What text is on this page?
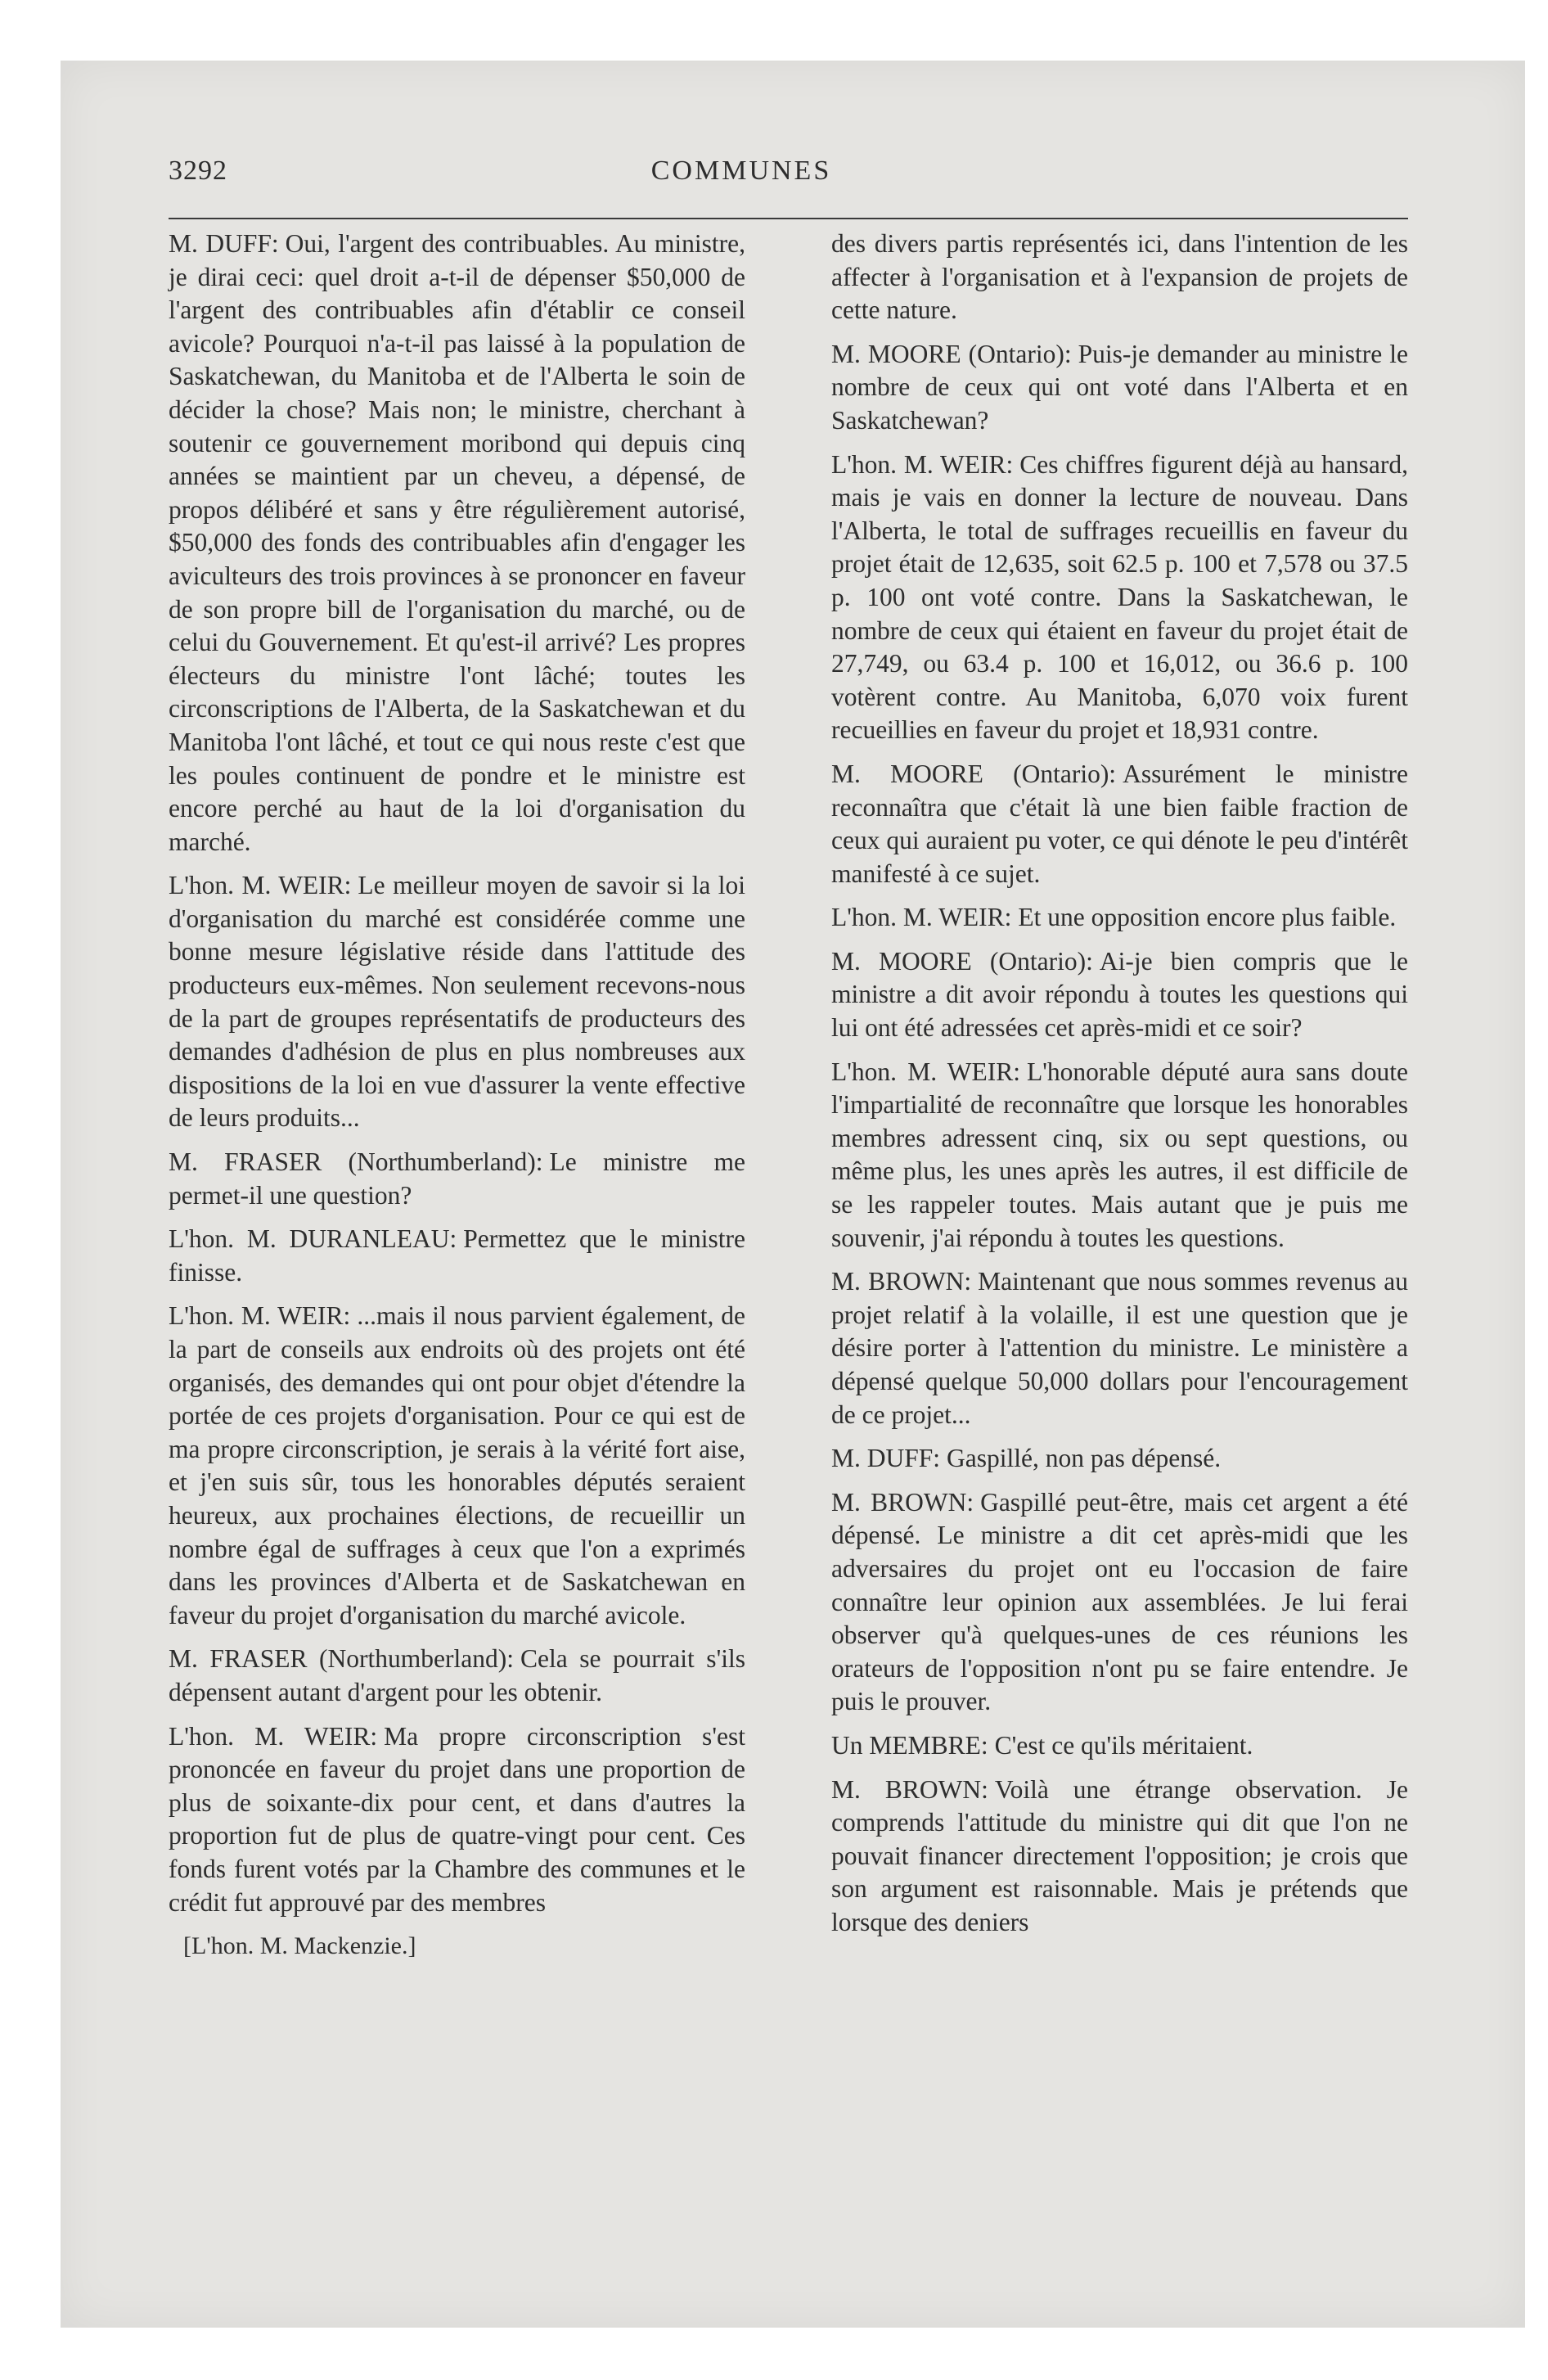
3292	COMMUNES

M. DUFF: Oui, l'argent des contribuables. Au ministre, je dirai ceci: quel droit a-t-il de dépenser $50,000 de l'argent des contribuables afin d'établir ce conseil avicole? Pourquoi n'a-t-il pas laissé à la population de Saskatchewan, du Manitoba et de l'Alberta le soin de décider la chose? Mais non; le ministre, cherchant à soutenir ce gouvernement moribond qui depuis cinq années se maintient par un cheveu, a dépensé, de propos délibéré et sans y être régulièrement autorisé, $50,000 des fonds des contribuables afin d'engager les aviculteurs des trois provinces à se prononcer en faveur de son propre bill de l'organisation du marché, ou de celui du Gouvernement. Et qu'est-il arrivé? Les propres électeurs du ministre l'ont lâché; toutes les circonscriptions de l'Alberta, de la Saskatchewan et du Manitoba l'ont lâché, et tout ce qui nous reste c'est que les poules continuent de pondre et le ministre est encore perché au haut de la loi d'organisation du marché.

L'hon. M. WEIR: Le meilleur moyen de savoir si la loi d'organisation du marché est considérée comme une bonne mesure législative réside dans l'attitude des producteurs eux-mêmes. Non seulement recevons-nous de la part de groupes représentatifs de producteurs des demandes d'adhésion de plus en plus nombreuses aux dispositions de la loi en vue d'assurer la vente effective de leurs produits...

M. FRASER (Northumberland): Le ministre me permet-il une question?

L'hon. M. DURANLEAU: Permettez que le ministre finisse.

L'hon. M. WEIR: ...mais il nous parvient également, de la part de conseils aux endroits où des projets ont été organisés, des demandes qui ont pour objet d'étendre la portée de ces projets d'organisation. Pour ce qui est de ma propre circonscription, je serais à la vérité fort aise, et j'en suis sûr, tous les honorables députés seraient heureux, aux prochaines élections, de recueillir un nombre égal de suffrages à ceux que l'on a exprimés dans les provinces d'Alberta et de Saskatchewan en faveur du projet d'organisation du marché avicole.

M. FRASER (Northumberland): Cela se pourrait s'ils dépensent autant d'argent pour les obtenir.

L'hon. M. WEIR: Ma propre circonscription s'est prononcée en faveur du projet dans une proportion de plus de soixante-dix pour cent, et dans d'autres la proportion fut de plus de quatre-vingt pour cent. Ces fonds furent votés par la Chambre des communes et le crédit fut approuvé par des membres

[L'hon. M. Mackenzie.]

des divers partis représentés ici, dans l'intention de les affecter à l'organisation et à l'expansion de projets de cette nature.

M. MOORE (Ontario): Puis-je demander au ministre le nombre de ceux qui ont voté dans l'Alberta et en Saskatchewan?

L'hon. M. WEIR: Ces chiffres figurent déjà au hansard, mais je vais en donner la lecture de nouveau. Dans l'Alberta, le total de suffrages recueillis en faveur du projet était de 12,635, soit 62.5 p. 100 et 7,578 ou 37.5 p. 100 ont voté contre. Dans la Saskatchewan, le nombre de ceux qui étaient en faveur du projet était de 27,749, ou 63.4 p. 100 et 16,012, ou 36.6 p. 100 votèrent contre. Au Manitoba, 6,070 voix furent recueillies en faveur du projet et 18,931 contre.

M. MOORE (Ontario): Assurément le ministre reconnaîtra que c'était là une bien faible fraction de ceux qui auraient pu voter, ce qui dénote le peu d'intérêt manifesté à ce sujet.

L'hon. M. WEIR: Et une opposition encore plus faible.

M. MOORE (Ontario): Ai-je bien compris que le ministre a dit avoir répondu à toutes les questions qui lui ont été adressées cet après-midi et ce soir?

L'hon. M. WEIR: L'honorable député aura sans doute l'impartialité de reconnaître que lorsque les honorables membres adressent cinq, six ou sept questions, ou même plus, les unes après les autres, il est difficile de se les rappeler toutes. Mais autant que je puis me souvenir, j'ai répondu à toutes les questions.

M. BROWN: Maintenant que nous sommes revenus au projet relatif à la volaille, il est une question que je désire porter à l'attention du ministre. Le ministère a dépensé quelque 50,000 dollars pour l'encouragement de ce projet...

M. DUFF: Gaspillé, non pas dépensé.

M. BROWN: Gaspillé peut-être, mais cet argent a été dépensé. Le ministre a dit cet après-midi que les adversaires du projet ont eu l'occasion de faire connaître leur opinion aux assemblées. Je lui ferai observer qu'à quelques-unes de ces réunions les orateurs de l'opposition n'ont pu se faire entendre. Je puis le prouver.

Un MEMBRE: C'est ce qu'ils méritaient.

M. BROWN: Voilà une étrange observation. Je comprends l'attitude du ministre qui dit que l'on ne pouvait financer directement l'opposition; je crois que son argument est raisonnable. Mais je prétends que lorsque des deniers
